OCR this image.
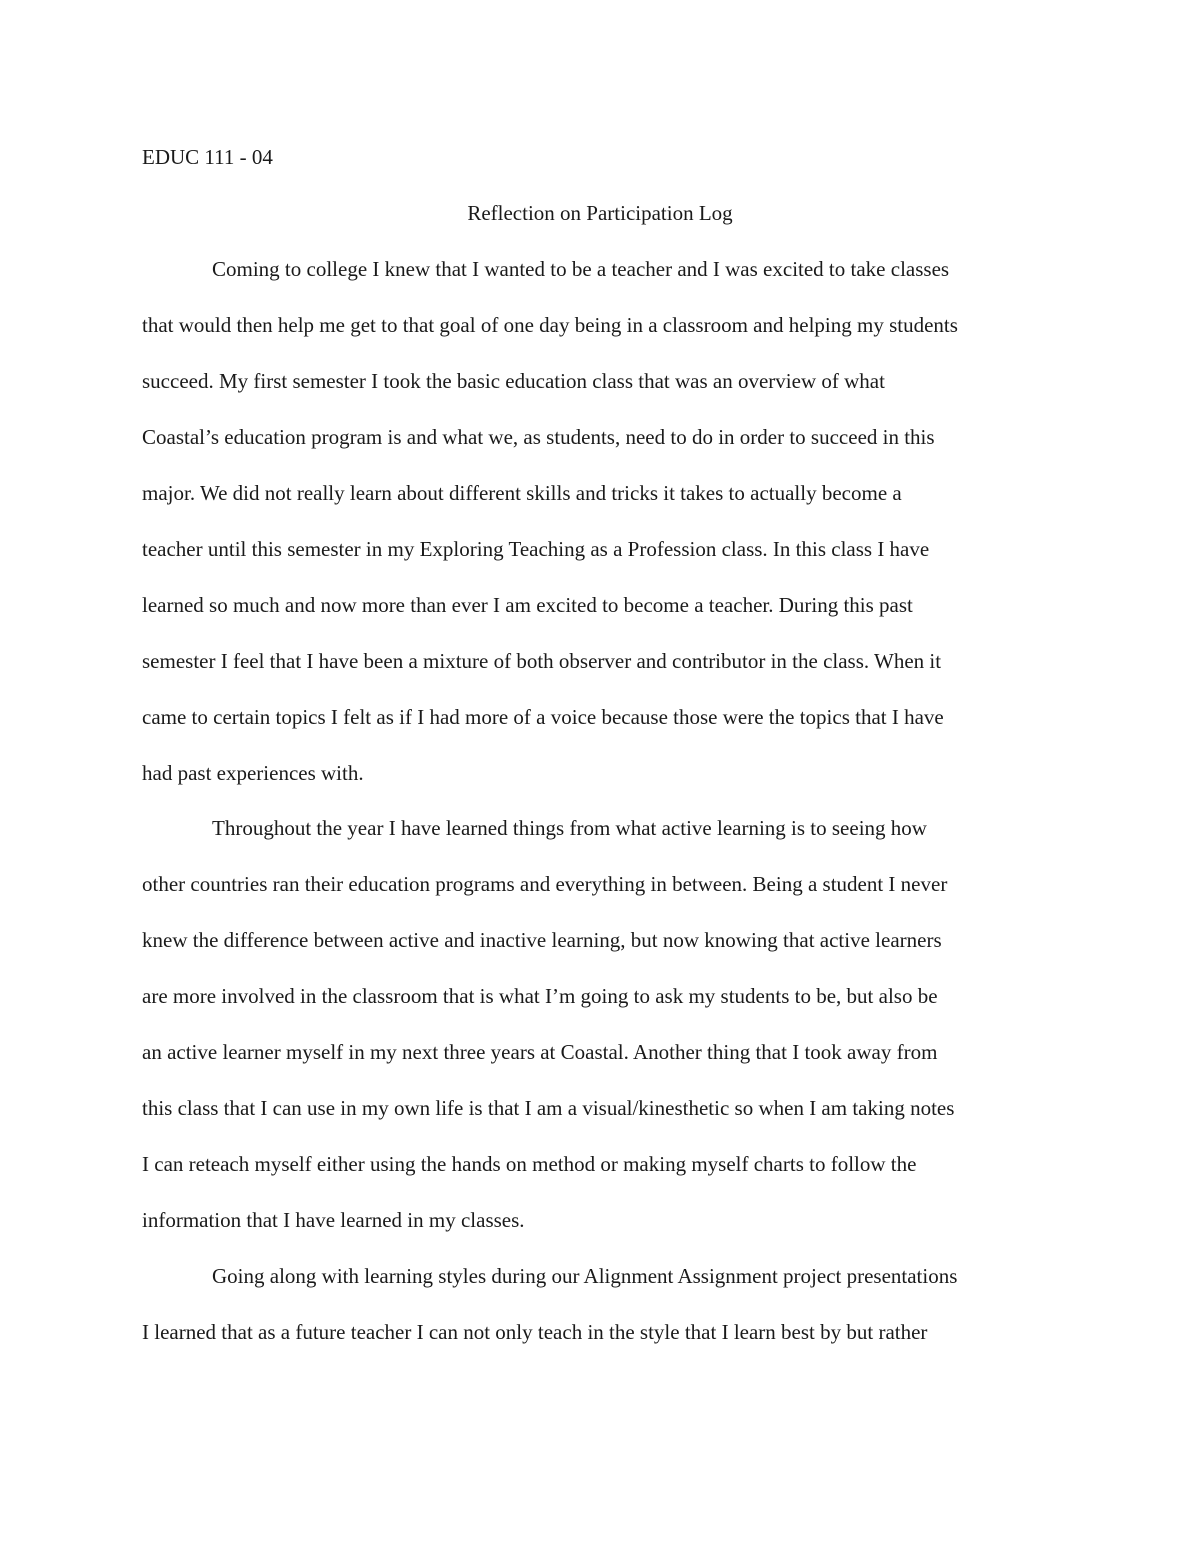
EDUC 111 - 04
Reflection on Participation Log
Coming to college I knew that I wanted to be a teacher and I was excited to take classes
that would then help me get to that goal of one day being in a classroom and helping my students
succeed. My first semester I took the basic education class that was an overview of what
Coastal’s education program is and what we, as students, need to do in order to succeed in this
major. We did not really learn about different skills and tricks it takes to actually become a
teacher until this semester in my Exploring Teaching as a Profession class. In this class I have
learned so much and now more than ever I am excited to become a teacher. During this past
semester I feel that I have been a mixture of both observer and contributor in the class. When it
came to certain topics I felt as if I had more of a voice because those were the topics that I have
had past experiences with.
Throughout the year I have learned things from what active learning is to seeing how
other countries ran their education programs and everything in between. Being a student I never
knew the difference between active and inactive learning, but now knowing that active learners
are more involved in the classroom that is what I’m going to ask my students to be, but also be
an active learner myself in my next three years at Coastal. Another thing that I took away from
this class that I can use in my own life is that I am a visual/kinesthetic so when I am taking notes
I can reteach myself either using the hands on method or making myself charts to follow the
information that I have learned in my classes.
Going along with learning styles during our Alignment Assignment project presentations
I learned that as a future teacher I can not only teach in the style that I learn best by but rather
